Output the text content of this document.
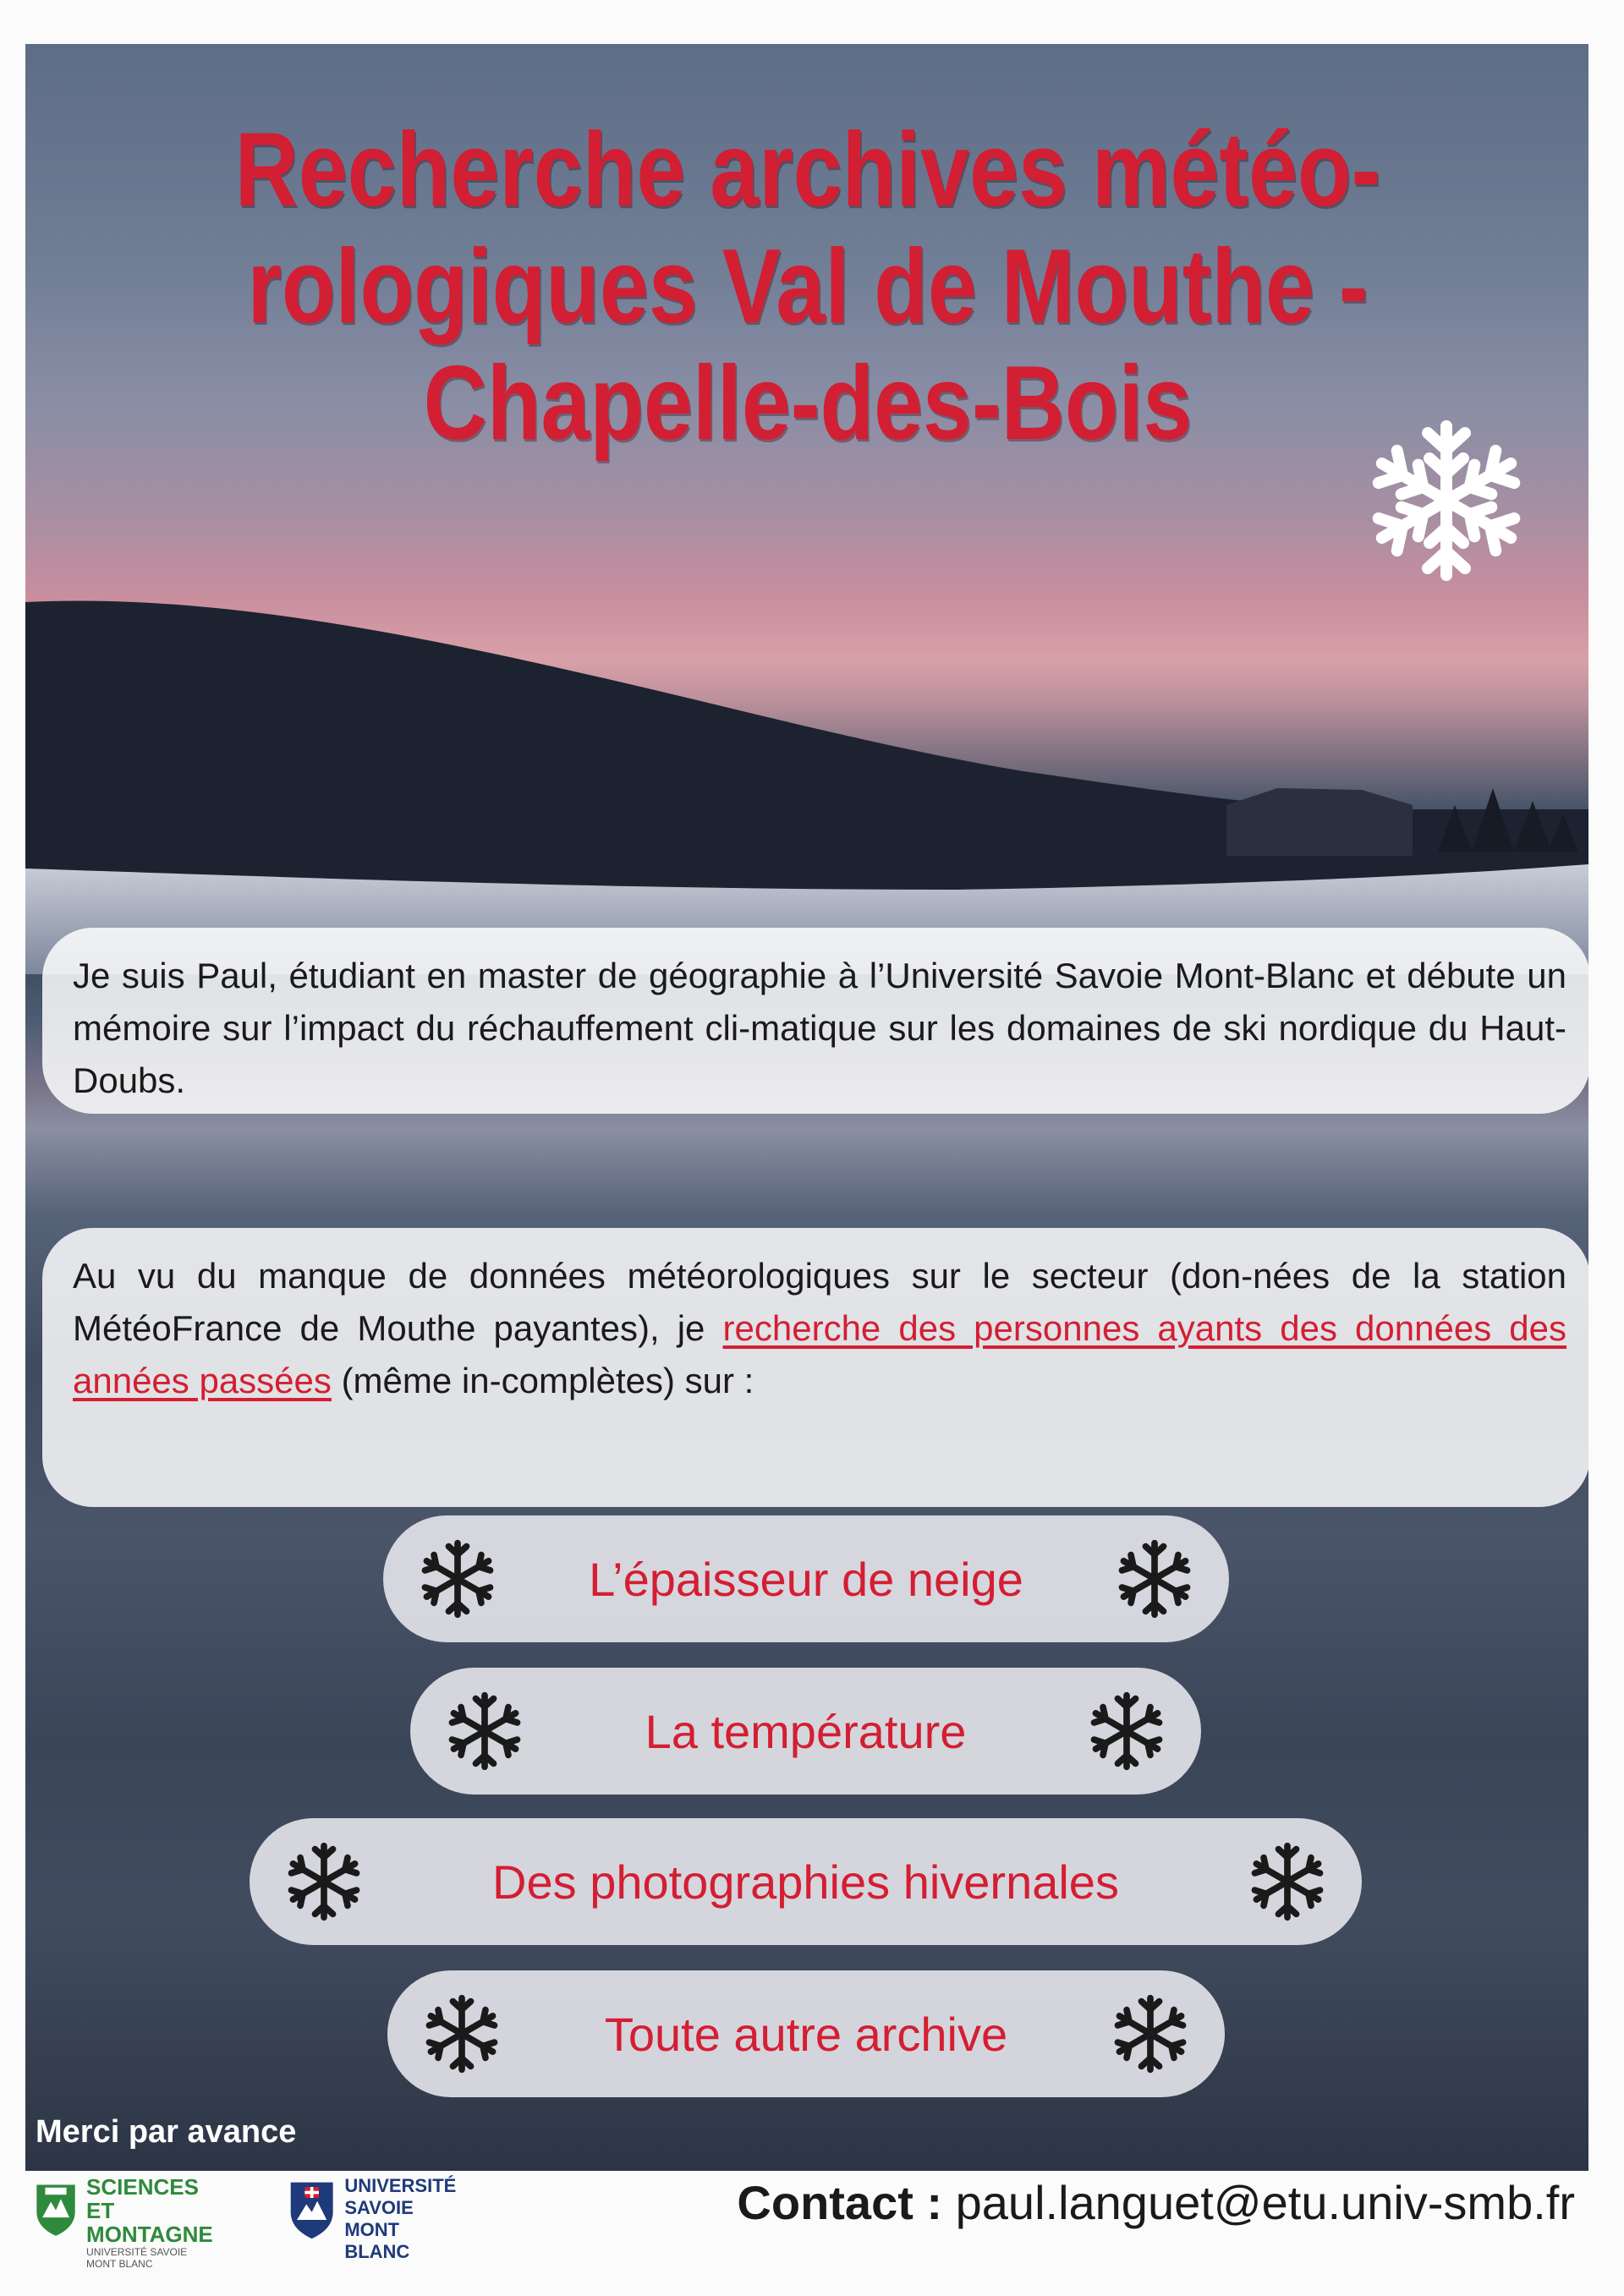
Recherche archives météo-rologiques Val de Mouthe - Chapelle-des-Bois
Je suis Paul, étudiant en master de géographie à l’Université Savoie Mont-Blanc et débute un mémoire sur l’impact du réchauffement cli-matique sur les domaines de ski nordique du Haut-Doubs.
Au vu du manque de données météorologiques sur le secteur (don-nées de la station MétéoFrance de Mouthe payantes), je recherche des personnes ayants des données des années passées (même in-complètes) sur :
L’épaisseur de neige
La température
Des photographies hivernales
Toute autre archive
Merci par avance
SCIENCES
ET MONTAGNE
UNIVERSITÉ SAVOIE
MONT BLANC
UNIVERSITÉ
SAVOIE
MONT BLANC
Contact : paul.languet@etu.univ-smb.fr
